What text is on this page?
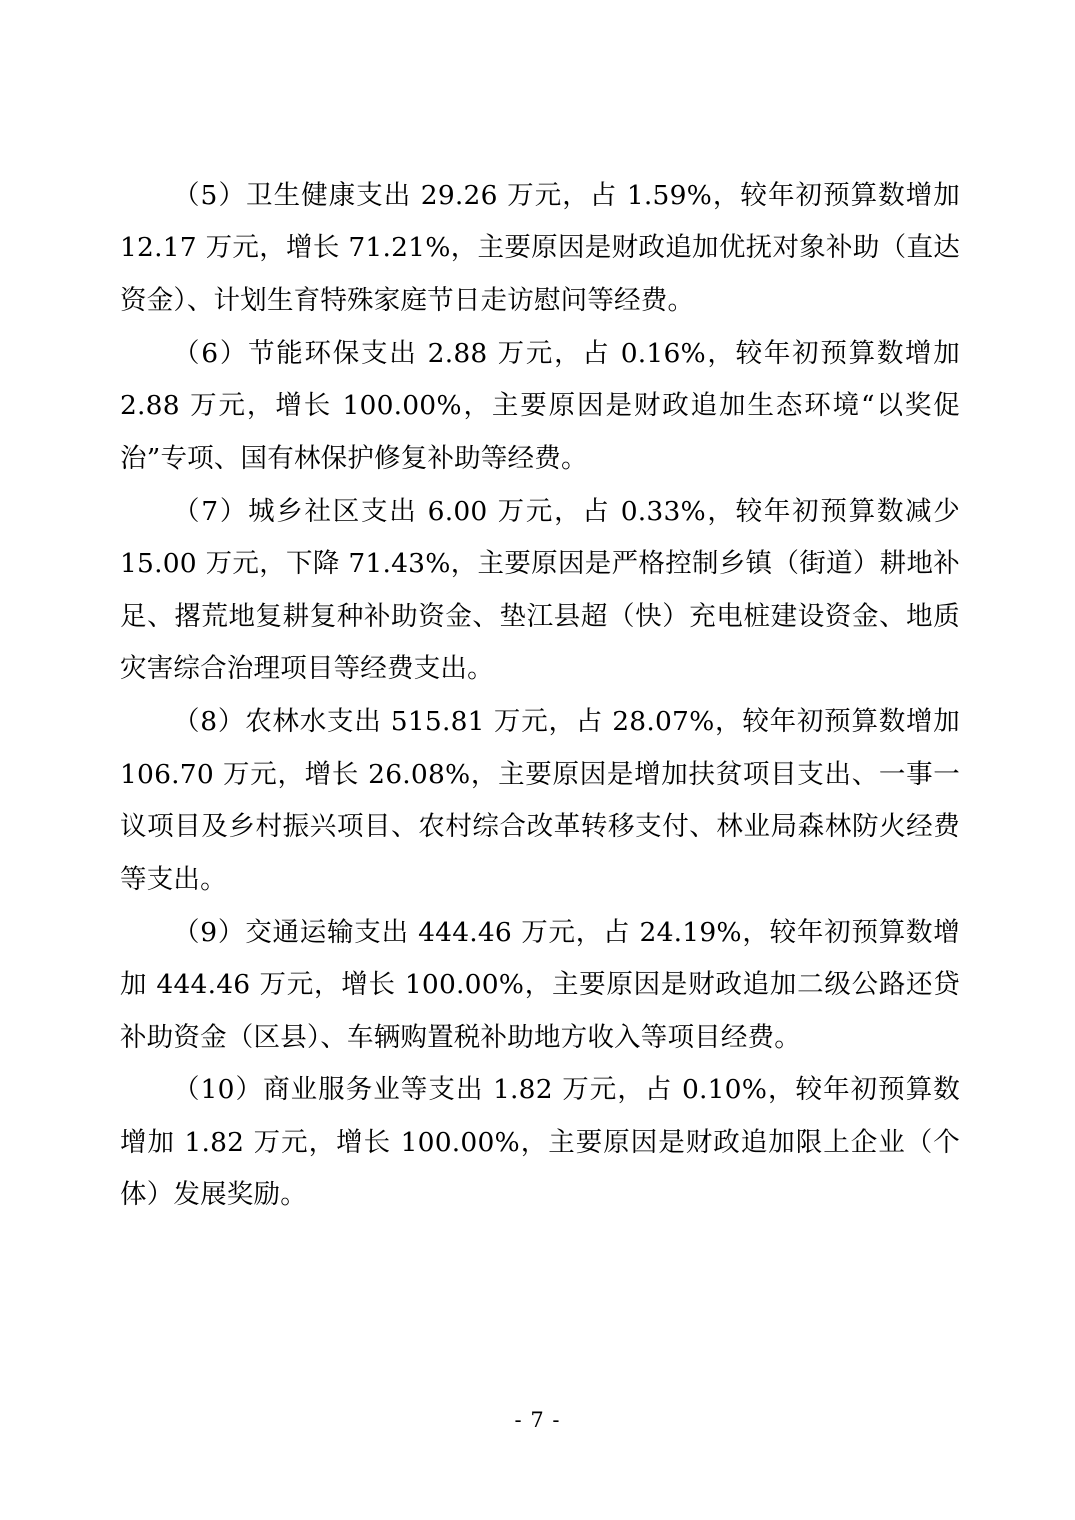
（5）卫生健康支出 29.26 万元，占 1.59%，较年初预算数增加 12.17 万元，增长 71.21%，主要原因是财政追加优抚对象补助（直达资金）、计划生育特殊家庭节日走访慰问等经费。

（6）节能环保支出 2.88 万元，占 0.16%，较年初预算数增加 2.88 万元，增长 100.00%，主要原因是财政追加生态环境“以奖促治”专项、国有林保护修复补助等经费。

（7）城乡社区支出 6.00 万元，占 0.33%，较年初预算数减少 15.00 万元，下降 71.43%，主要原因是严格控制乡镇（街道）耕地补足、撂荒地复耕复种补助资金、垫江县超（快）充电桩建设资金、地质灾害综合治理项目等经费支出。

（8）农林水支出 515.81 万元，占 28.07%，较年初预算数增加 106.70 万元，增长 26.08%，主要原因是增加扶贫项目支出、一事一议项目及乡村振兴项目、农村综合改革转移支付、林业局森林防火经费等支出。

（9）交通运输支出 444.46 万元，占 24.19%，较年初预算数增加 444.46 万元，增长 100.00%，主要原因是财政追加二级公路还贷补助资金（区县）、车辆购置税补助地方收入等项目经费。

（10）商业服务业等支出 1.82 万元，占 0.10%，较年初预算数增加 1.82 万元，增长 100.00%，主要原因是财政追加限上企业（个体）发展奖励。

- 7 -
